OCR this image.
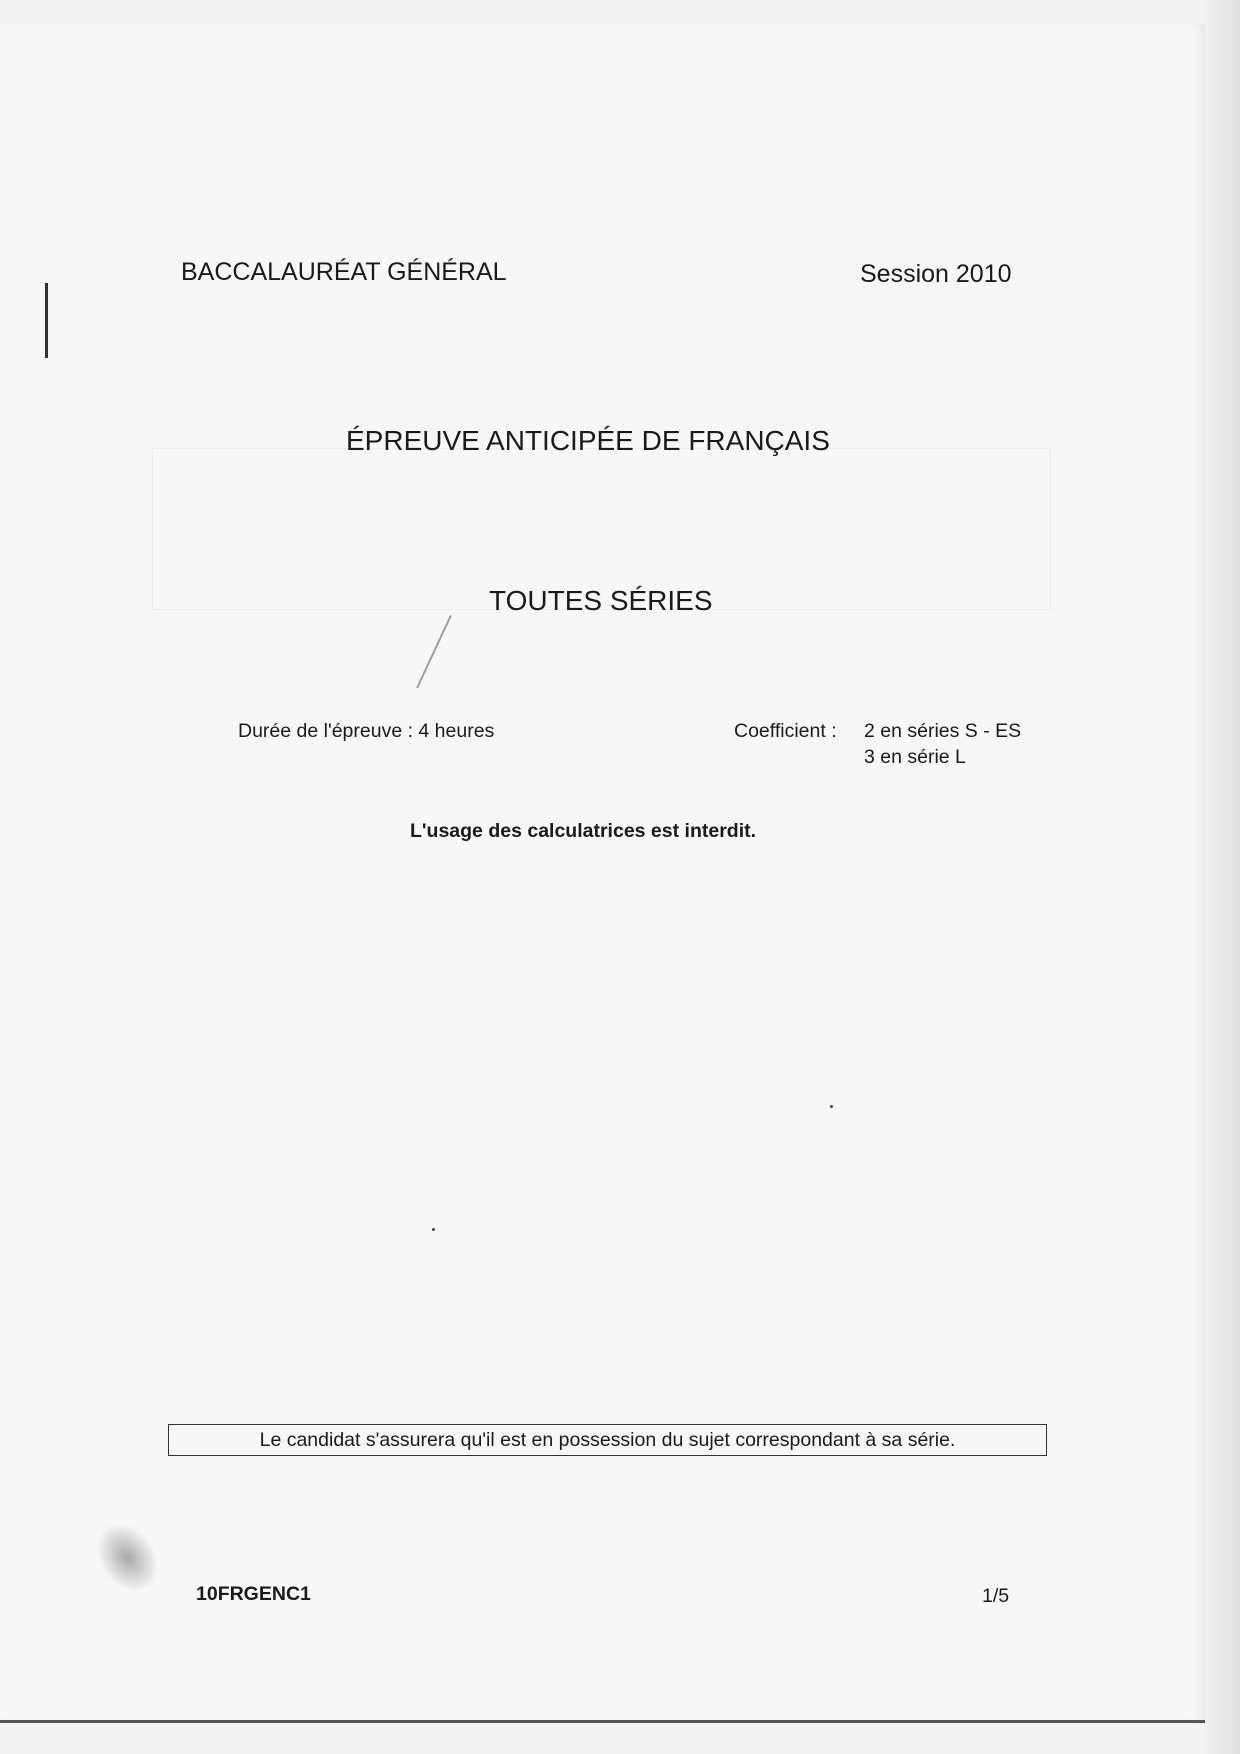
BACCALAURÉAT GÉNÉRAL	Session 2010
ÉPREUVE ANTICIPÉE DE FRANÇAIS
TOUTES SÉRIES
Durée de l'épreuve : 4 heures	Coefficient : 2 en séries S - ES
3 en série L
L'usage des calculatrices est interdit.
Le candidat s'assurera qu'il est en possession du sujet correspondant à sa série.
10FRGENC1	1/5
